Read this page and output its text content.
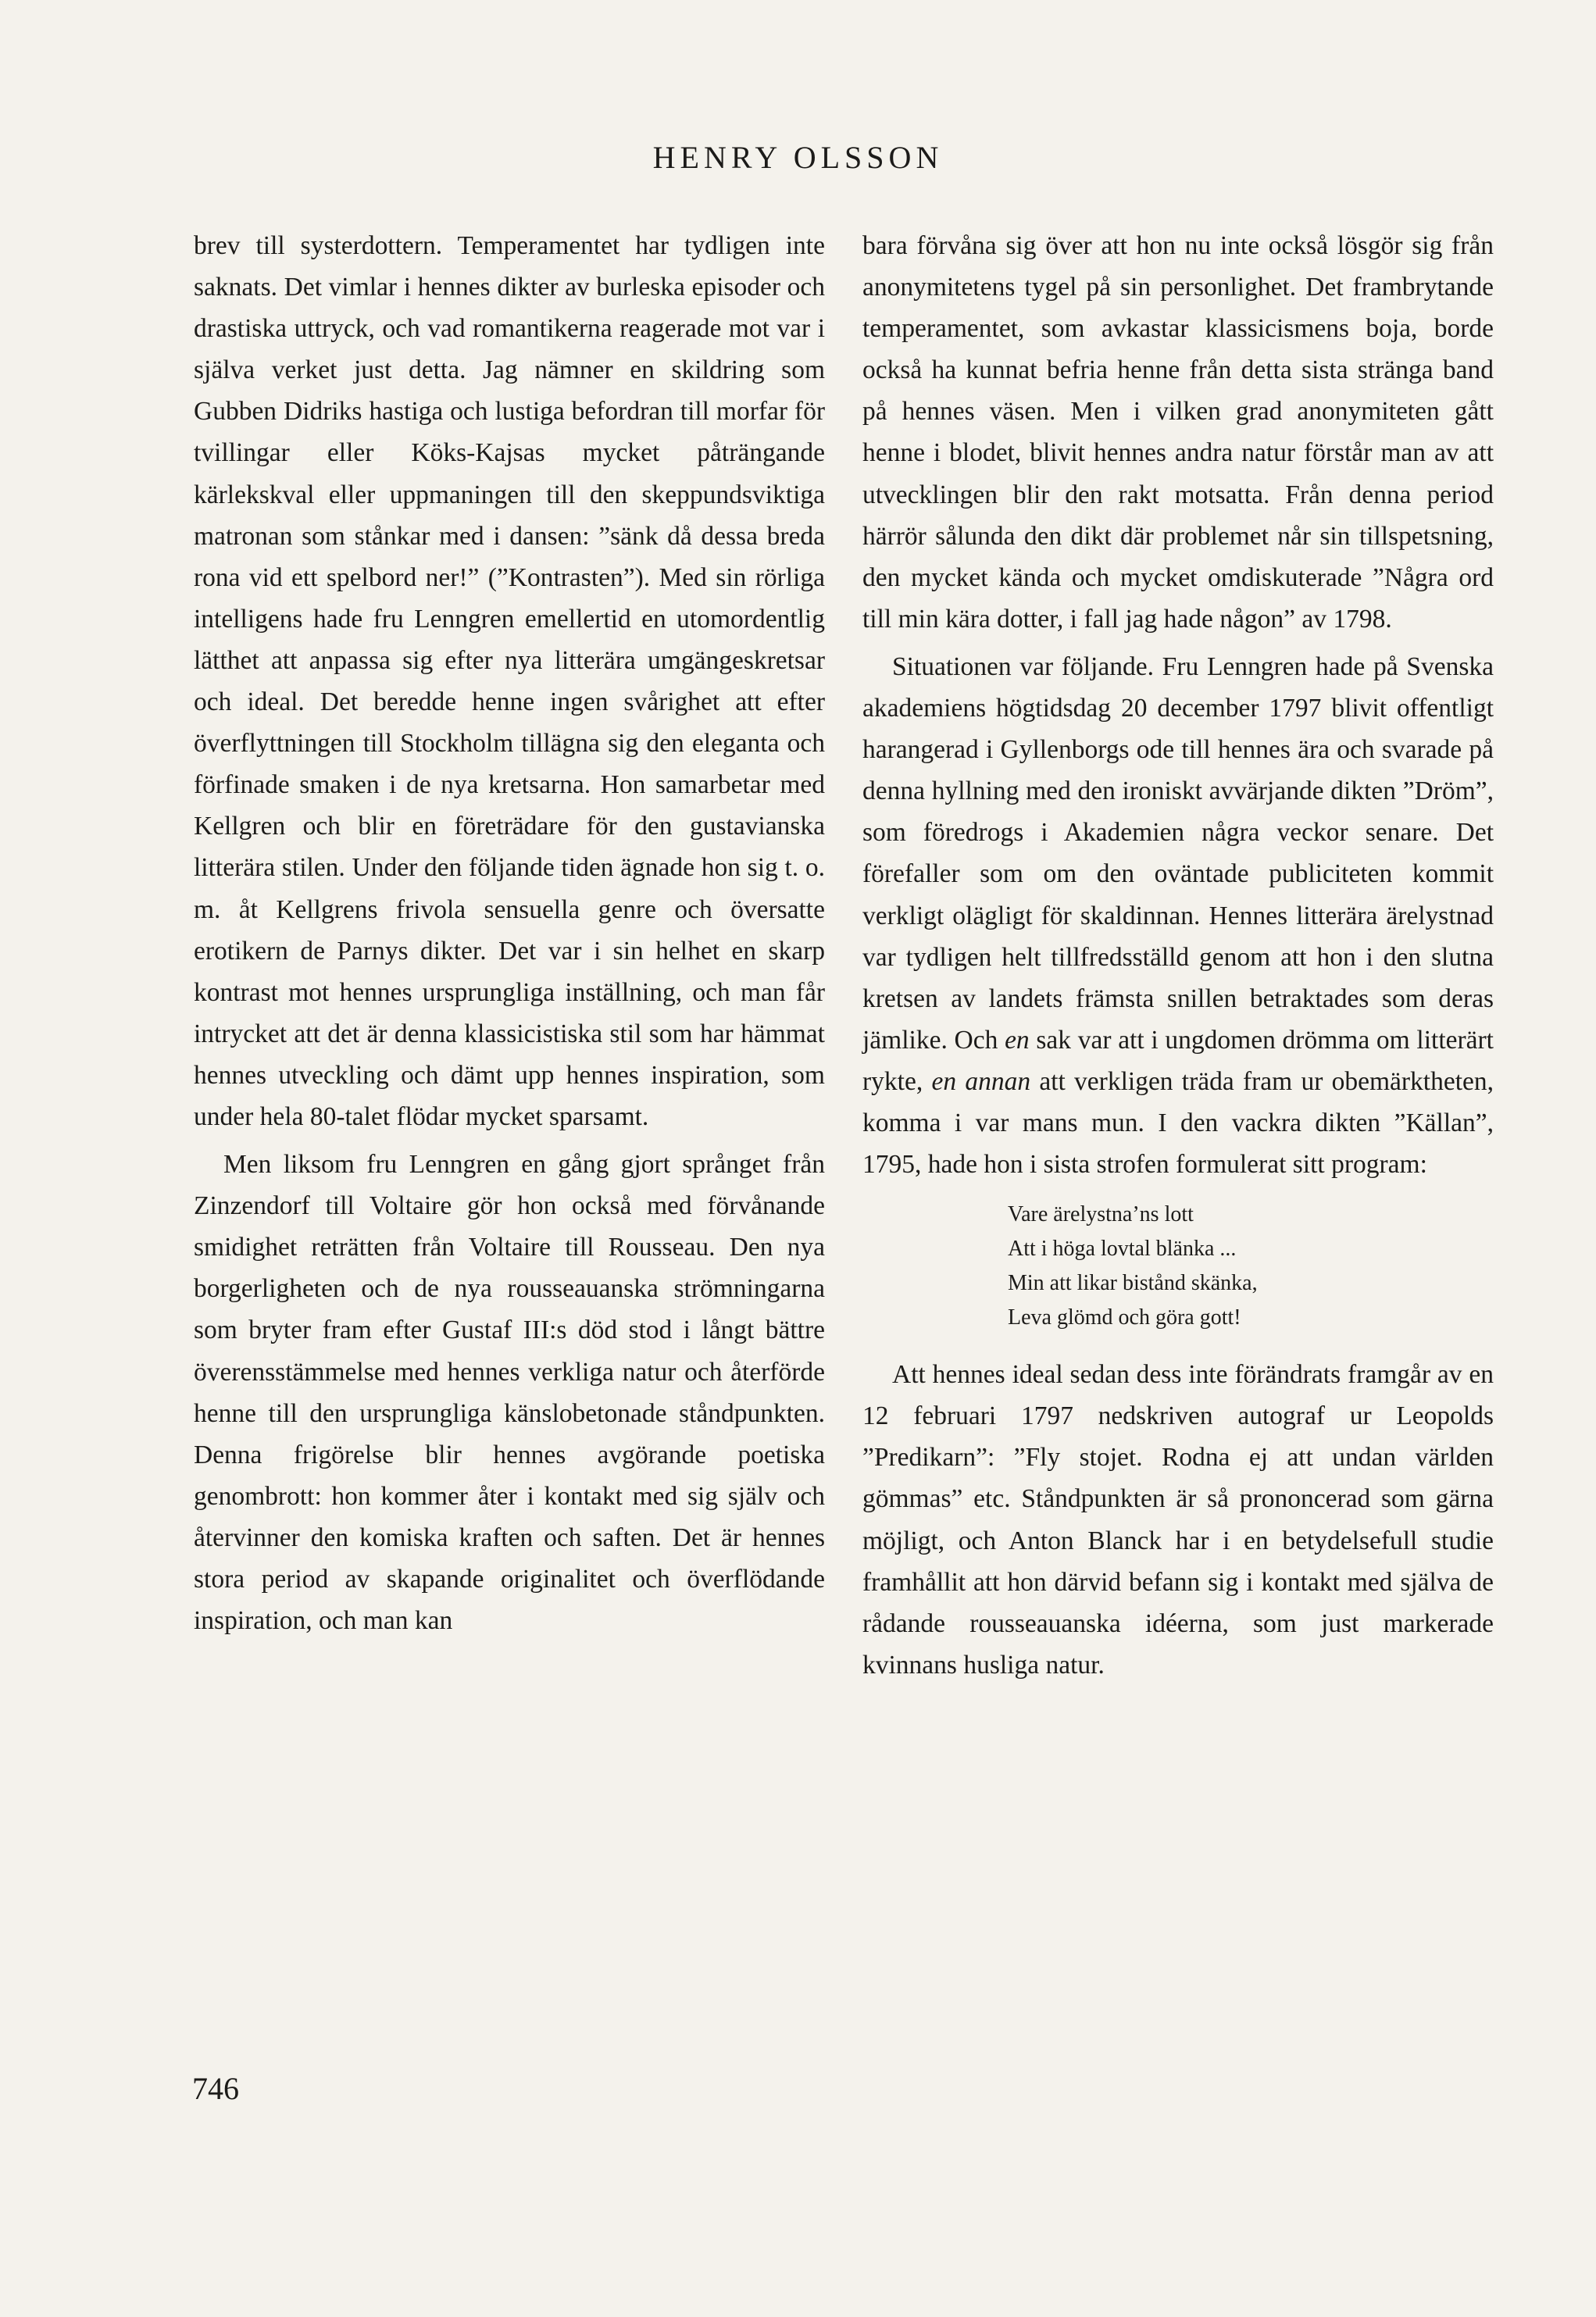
HENRY OLSSON

brev till systerdottern. Temperamentet har tydligen inte saknats. Det vimlar i hennes dikter av burleska episoder och drastiska uttryck, och vad romantikerna reagerade mot var i själva verket just detta. Jag nämner en skildring som Gubben Didriks hastiga och lustiga befordran till morfar för tvillingar eller Köks-Kajsas mycket påträngande kärlekskval eller uppmaningen till den skeppundsviktiga matronan som stånkar med i dansen: ”sänk då dessa breda rona vid ett spelbord ner!” (”Kontrasten”). Med sin rörliga intelligens hade fru Lenngren emellertid en utomordentlig lätthet att anpassa sig efter nya litterära umgängeskretsar och ideal. Det beredde henne ingen svårighet att efter överflyttningen till Stockholm tillägna sig den eleganta och förfinade smaken i de nya kretsarna. Hon samarbetar med Kellgren och blir en företrädare för den gustavianska litterära stilen. Under den följande tiden ägnade hon sig t. o. m. åt Kellgrens frivola sensuella genre och översatte erotikern de Parnys dikter. Det var i sin helhet en skarp kontrast mot hennes ursprungliga inställning, och man får intrycket att det är denna klassicistiska stil som har hämmat hennes utveckling och dämt upp hennes inspiration, som under hela 80-talet flödar mycket sparsamt.

Men liksom fru Lenngren en gång gjort språnget från Zinzendorf till Voltaire gör hon också med förvånande smidighet reträtten från Voltaire till Rousseau. Den nya borgerligheten och de nya rousseauanska strömningarna som bryter fram efter Gustaf III:s död stod i långt bättre överensstämmelse med hennes verkliga natur och återförde henne till den ursprungliga känslobetonade ståndpunkten. Denna frigörelse blir hennes avgörande poetiska genombrott: hon kommer åter i kontakt med sig själv och återvinner den komiska kraften och saften. Det är hennes stora period av skapande originalitet och överflödande inspiration, och man kan

bara förvåna sig över att hon nu inte också lösgör sig från anonymitetens tygel på sin personlighet. Det frambrytande temperamentet, som avkastar klassicismens boja, borde också ha kunnat befria henne från detta sista stränga band på hennes väsen. Men i vilken grad anonymiteten gått henne i blodet, blivit hennes andra natur förstår man av att utvecklingen blir den rakt motsatta. Från denna period härrör sålunda den dikt där problemet når sin tillspetsning, den mycket kända och mycket omdiskuterade ”Några ord till min kära dotter, i fall jag hade någon” av 1798.

Situationen var följande. Fru Lenngren hade på Svenska akademiens högtidsdag 20 december 1797 blivit offentligt harangerad i Gyllenborgs ode till hennes ära och svarade på denna hyllning med den ironiskt avvärjande dikten ”Dröm”, som föredrogs i Akademien några veckor senare. Det förefaller som om den oväntade publiciteten kommit verkligt olägligt för skaldinnan. Hennes litterära ärelystnad var tydligen helt tillfredsställd genom att hon i den slutna kretsen av landets främsta snillen betraktades som deras jämlike. Och en sak var att i ungdomen drömma om litterärt rykte, en annan att verkligen träda fram ur obemärktheten, komma i var mans mun. I den vackra dikten ”Källan”, 1795, hade hon i sista strofen formulerat sitt program:

Vare ärelystna’ns lott
Att i höga lovtal blänka ...
Min att likar bistånd skänka,
Leva glömd och göra gott!

Att hennes ideal sedan dess inte förändrats framgår av en 12 februari 1797 nedskriven autograf ur Leopolds ”Predikarn”: ”Fly stojet. Rodna ej att undan världen gömmas” etc. Ståndpunkten är så prononcerad som gärna möjligt, och Anton Blanck har i en betydelsefull studie framhållit att hon därvid befann sig i kontakt med själva de rådande rousseauanska idéerna, som just markerade kvinnans husliga natur.

746
